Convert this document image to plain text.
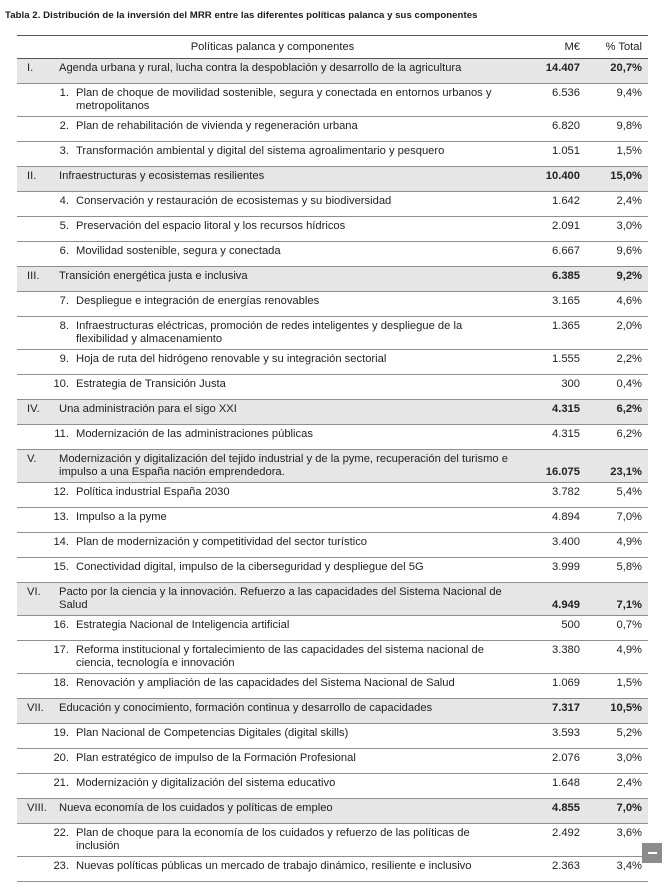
Tabla 2. Distribución de la inversión del MRR entre las diferentes políticas palanca y sus componentes
Políticas palanca y componentes		M€	% Total
I.	Agenda urbana y rural, lucha contra la despoblación y desarrollo de la agricultura	14.407	20,7%
1. Plan de choque de movilidad sostenible, segura y conectada en entornos urbanos y metropolitanos		6.536	9,4%
2. Plan de rehabilitación de vivienda y regeneración urbana		6.820	9,8%
3. Transformación ambiental y digital del sistema agroalimentario y pesquero		1.051	1,5%
II.	Infraestructuras y ecosistemas resilientes	10.400	15,0%
4. Conservación y restauración de ecosistemas y su biodiversidad		1.642	2,4%
5. Preservación del espacio litoral y los recursos hídricos		2.091	3,0%
6. Movilidad sostenible, segura y conectada		6.667	9,6%
III.	Transición energética justa e inclusiva	6.385	9,2%
7. Despliegue e integración de energías renovables		3.165	4,6%
8. Infraestructuras eléctricas, promoción de redes inteligentes y despliegue de la flexibilidad y almacenamiento		1.365	2,0%
9. Hoja de ruta del hidrógeno renovable y su integración sectorial		1.555	2,2%
10. Estrategia de Transición Justa		300	0,4%
IV.	Una administración para el sigo XXI	4.315	6,2%
11. Modernización de las administraciones públicas		4.315	6,2%
V.	Modernización y digitalización del tejido industrial y de la pyme, recuperación del turismo e impulso a una España nación emprendedora.	16.075	23,1%
12. Política industrial España 2030		3.782	5,4%
13. Impulso a la pyme		4.894	7,0%
14. Plan de modernización y competitividad del sector turístico		3.400	4,9%
15. Conectividad digital, impulso de la ciberseguridad y despliegue del 5G		3.999	5,8%
VI.	Pacto por la ciencia y la innovación. Refuerzo a las capacidades del Sistema Nacional de Salud	4.949	7,1%
16. Estrategia Nacional de Inteligencia artificial		500	0,7%
17. Reforma institucional y fortalecimiento de las capacidades del sistema nacional de ciencia, tecnología e innovación		3.380	4,9%
18. Renovación y ampliación de las capacidades del Sistema Nacional de Salud		1.069	1,5%
VII.	Educación y conocimiento, formación continua y desarrollo de capacidades	7.317	10,5%
19. Plan Nacional de Competencias Digitales (digital skills)		3.593	5,2%
20. Plan estratégico de impulso de la Formación Profesional		2.076	3,0%
21. Modernización y digitalización del sistema educativo		1.648	2,4%
VIII.	Nueva economía de los cuidados y políticas de empleo	4.855	7,0%
22. Plan de choque para la economía de los cuidados y refuerzo de las políticas de inclusión		2.492	3,6%
23. Nuevas políticas públicas un mercado de trabajo dinámico, resiliente e inclusivo		2.363	3,4%
